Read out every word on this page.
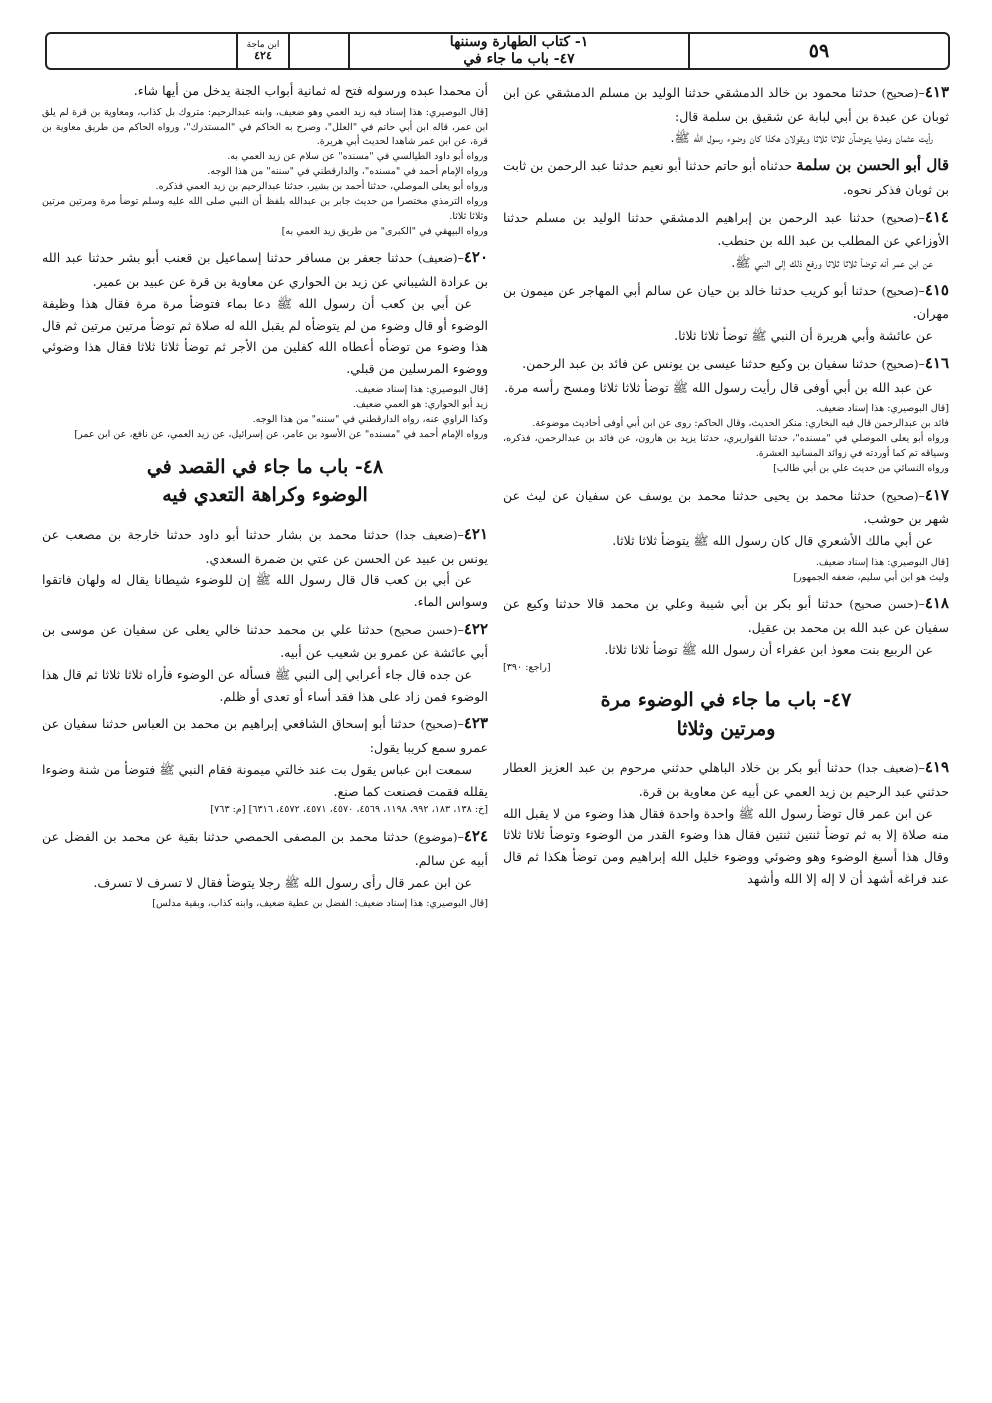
٥٩
١- كتاب الطهارة وسننها
٤٧- باب ما جاء في
ابن ماجة
٤٢٤
٤١٣–(صحيح) حدثنا محمود بن خالد الدمشقي حدثنا الوليد بن مسلم الدمشقي عن ابن ثوبان عن عبدة بن أبي لبابة عن شقيق بن سلمة قال:
رأيت عثمان وعليا يتوضآن ثلاثا ثلاثا ويقولان هكذا كان وضوء رسول الله ﷺ.
قال أبو الحسن بن سلمة حدثناه أبو حاتم حدثنا أبو نعيم حدثنا عبد الرحمن بن ثابت بن ثوبان فذكر نحوه.
٤١٤–(صحيح) حدثنا عبد الرحمن بن إبراهيم الدمشقي حدثنا الوليد بن مسلم حدثنا الأوزاعي عن المطلب بن عبد الله بن حنطب.
عن ابن عمر أنه توضأ ثلاثا ثلاثا ورفع ذلك إلى النبي ﷺ.
٤١٥–(صحيح) حدثنا أبو كريب حدثنا خالد بن حيان عن سالم أبي المهاجر عن ميمون بن مهران.
عن عائشة وأبي هريرة أن النبي ﷺ توضأ ثلاثا ثلاثا.
٤١٦–(صحيح) حدثنا سفيان بن وكيع حدثنا عيسى بن يونس عن فائد بن عبد الرحمن.
عن عبد الله بن أبي أوفى قال رأيت رسول الله ﷺ توضأ ثلاثا ثلاثا ومسح رأسه مرة.

[قال البوصيري: هذا إسناد ضعيف.

فائد بن عبدالرحمن قال فيه البخاري: منكر الحديث، وقال الحاكم: روى عن ابن أبي أوفى أحاديث موضوعة.

ورواه أبو يعلى الموصلي في "مسنده"، حدثنا القواريري، حدثنا يزيد بن هارون، عن فائد بن عبدالرحمن، فذكره، وسياقه تم كما أوردته في زوائد المسانيد العشرة.

ورواه النسائي من حديث علي بن أبي طالب]

٤١٧–(صحيح) حدثنا محمد بن يحيى حدثنا محمد بن يوسف عن سفيان عن ليث عن شهر بن حوشب.
عن أبي مالك الأشعري قال كان رسول الله ﷺ يتوضأ ثلاثا ثلاثا.

[قال البوصيري: هذا إسناد ضعيف.

وليث هو ابن أبي سليم، ضعفه الجمهور]

٤١٨–(حسن صحيح) حدثنا أبو بكر بن أبي شيبة وعلي بن محمد قالا حدثنا وكيع عن سفيان عن عبد الله بن محمد بن عقيل.
عن الربيع بنت معوذ ابن عفراء أن رسول الله ﷺ توضأ ثلاثا ثلاثا.
[راجع: ٣٩٠]
٤٧- باب ما جاء في الوضوء مرة
ومرتين وثلاثا
٤١٩–(ضعيف جدا) حدثنا أبو بكر بن خلاد الباهلي حدثني مرحوم بن عبد العزيز العطار حدثني عبد الرحيم بن زيد العمي عن أبيه عن معاوية بن قرة.
عن ابن عمر قال توضأ رسول الله ﷺ واحدة واحدة فقال هذا وضوء من لا يقبل الله منه صلاة إلا به ثم توضأ ثنتين ثنتين فقال هذا وضوء القدر من الوضوء وتوضأ ثلاثا ثلاثا وقال هذا أسبغ الوضوء وهو وضوئي ووضوء خليل الله إبراهيم ومن توضأ هكذا ثم قال عند فراغه أشهد أن لا إله إلا الله وأشهد
أن محمدا عبده ورسوله فتح له ثمانية أبواب الجنة يدخل من أيها شاء.

[قال البوصيري: هذا إسناد فيه زيد العمي وهو ضعيف، وابنه عبدالرحيم: متروك بل كذاب، ومعاوية بن قرة لم يلق ابن عمر، قاله ابن أبي حاتم في "العلل"، وصرح به الحاكم في "المستدرك"، ورواه الحاكم من طريق معاوية بن قرة، عن ابن عمر شاهدا لحديث أبي هريرة.

ورواه أبو داود الطيالسي في "مسنده" عن سلام عن زيد العمي به.

ورواه الإمام أحمد في "مسنده"، والدارقطني في "سننه" من هذا الوجه.

ورواه أبو يعلى الموصلي، حدثنا أحمد بن بشير، حدثنا عبدالرحيم بن زيد العمي فذكره.

ورواه الترمذي مختصرا من حديث جابر بن عبدالله بلفظ أن النبي صلى الله عليه وسلم توضأ مرة ومرتين مرتين وثلاثا ثلاثا.

ورواه البيهقي في "الكبرى" من طريق زيد العمي به]

٤٢٠–(ضعيف) حدثنا جعفر بن مسافر حدثنا إسماعيل بن قعنب أبو بشر حدثنا عبد الله بن عرادة الشيباني عن زيد بن الحواري عن معاوية بن قرة عن عبيد بن عمير.
عن أبي بن كعب أن رسول الله ﷺ دعا بماء فتوضأ مرة مرة فقال هذا وظيفة الوضوء أو قال وضوء من لم يتوضأه لم يقبل الله له صلاة ثم توضأ مرتين مرتين ثم قال هذا وضوء من توضأه أعطاه الله كفلين من الأجر ثم توضأ ثلاثا ثلاثا فقال هذا وضوئي ووضوء المرسلين من قبلي.

[قال البوصيري: هذا إسناد ضعيف.

زيد أبو الحواري: هو العمي ضعيف.

وكذا الراوي عنه، رواه الدارقطني في "سننه" من هذا الوجه.

ورواه الإمام أحمد في "مسنده" عن الأسود بن عامر، عن إسرائيل، عن زيد العمي، عن نافع، عن ابن عمر]

٤٨- باب ما جاء في القصد في
الوضوء وكراهة التعدي فيه
٤٢١–(ضعيف جدا) حدثنا محمد بن بشار حدثنا أبو داود حدثنا خارجة بن مصعب عن يونس بن عبيد عن الحسن عن عتي بن ضمرة السعدي.
عن أبي بن كعب قال قال رسول الله ﷺ إن للوضوء شيطانا يقال له ولهان فاتقوا وسواس الماء.
٤٢٢–(حسن صحيح) حدثنا علي بن محمد حدثنا خالي يعلى عن سفيان عن موسى بن أبي عائشة عن عمرو بن شعيب عن أبيه.
عن جده قال جاء أعرابي إلى النبي ﷺ فسأله عن الوضوء فأراه ثلاثا ثلاثا ثم قال هذا الوضوء فمن زاد على هذا فقد أساء أو تعدى أو ظلم.
٤٢٣–(صحيح) حدثنا أبو إسحاق الشافعي إبراهيم بن محمد بن العباس حدثنا سفيان عن عمرو سمع كريبا يقول:
سمعت ابن عباس يقول بت عند خالتي ميمونة فقام النبي ﷺ فتوضأ من شنة وضوءا يقلله فقمت فصنعت كما صنع.
[خ: ١٣٨، ١٨٣، ٩٩٢، ١١٩٨، ٤٥٦٩، ٤٥٧٠، ٤٥٧١، ٤٥٧٢، ٦٣١٦] [م: ٧٦٣]
٤٢٤–(موضوع) حدثنا محمد بن المصفى الحمصي حدثنا بقية عن محمد بن الفضل عن أبيه عن سالم.
عن ابن عمر قال رأى رسول الله ﷺ رجلا يتوضأ فقال لا تسرف لا تسرف.
[قال البوصيري: هذا إسناد ضعيف: الفضل بن عطية ضعيف، وابنه كذاب، وبقية مدلس]
